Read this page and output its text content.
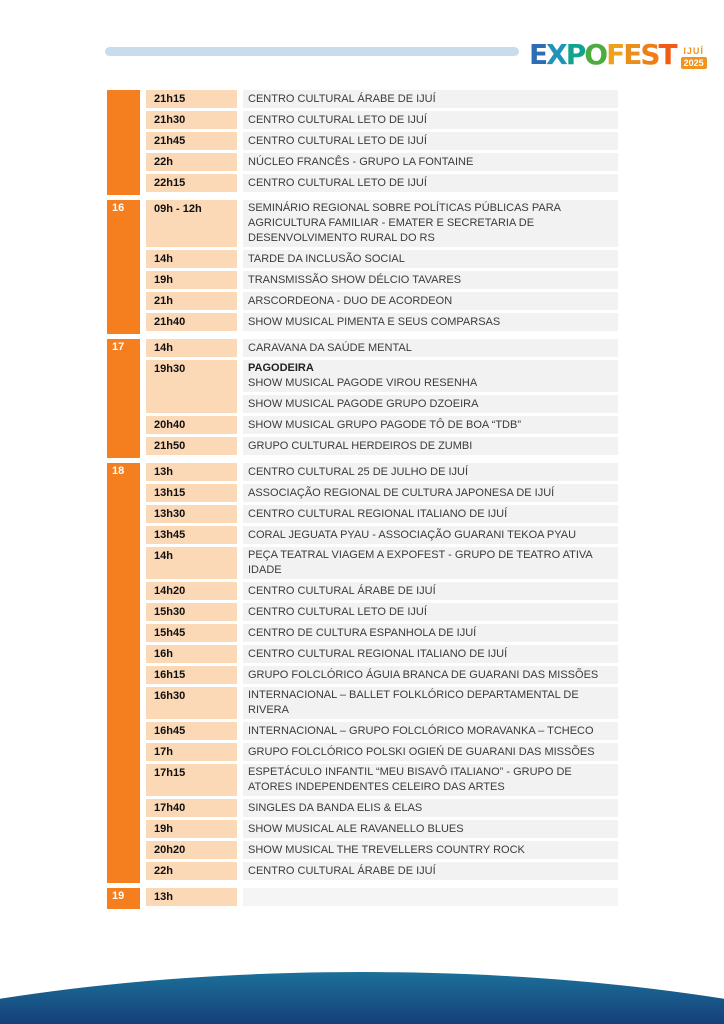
EXPOFEST IJUÍ
2025
21h15	CENTRO CULTURAL ÁRABE DE IJUÍ
21h30	CENTRO CULTURAL LETO DE IJUÍ
21h45	CENTRO CULTURAL LETO DE IJUÍ
22h	NÚCLEO FRANCÊS - GRUPO LA FONTAINE
22h15	CENTRO CULTURAL LETO DE IJUÍ
16	09h - 12h	SEMINÁRIO REGIONAL SOBRE POLÍTICAS PÚBLICAS PARA
AGRICULTURA FAMILIAR - EMATER E SECRETARIA DE
DESENVOLVIMENTO RURAL DO RS
14h	TARDE DA INCLUSÃO SOCIAL
19h	TRANSMISSÃO SHOW DÉLCIO TAVARES
21h	ARSCORDEONA - DUO DE ACORDEON
21h40	SHOW MUSICAL PIMENTA E SEUS COMPARSAS
17	14h	CARAVANA DA SAÚDE MENTAL
19h30	PAGODEIRA
SHOW MUSICAL PAGODE VIROU RESENHA
SHOW MUSICAL PAGODE GRUPO DZOEIRA
20h40	SHOW MUSICAL GRUPO PAGODE TÔ DE BOA “TDB”
21h50	GRUPO CULTURAL HERDEIROS DE ZUMBI
18	13h	CENTRO CULTURAL 25 DE JULHO DE IJUÍ
13h15	ASSOCIAÇÃO REGIONAL DE CULTURA JAPONESA DE IJUÍ
13h30	CENTRO CULTURAL REGIONAL ITALIANO DE IJUÍ
13h45	CORAL JEGUATA PYAU - ASSOCIAÇÃO GUARANI TEKOA PYAU
14h	PEÇA TEATRAL VIAGEM A EXPOFEST - GRUPO DE TEATRO ATIVA
IDADE
14h20	CENTRO CULTURAL ÁRABE DE IJUÍ
15h30	CENTRO CULTURAL LETO DE IJUÍ
15h45	CENTRO DE CULTURA ESPANHOLA DE IJUÍ
16h	CENTRO CULTURAL REGIONAL ITALIANO DE IJUÍ
16h15	GRUPO FOLCLÓRICO ÁGUIA BRANCA DE GUARANI DAS MISSÕES
16h30	INTERNACIONAL – BALLET FOLKLÓRICO DEPARTAMENTAL DE
RIVERA
16h45	INTERNACIONAL – GRUPO FOLCLÓRICO MORAVANKA – TCHECO
17h	GRUPO FOLCLÓRICO POLSKI OGIEŃ DE GUARANI DAS MISSÕES
17h15	ESPETÁCULO INFANTIL “MEU BISAVÔ ITALIANO” - GRUPO DE
ATORES INDEPENDENTES CELEIRO DAS ARTES
17h40	SINGLES DA BANDA ELIS & ELAS
19h	SHOW MUSICAL ALE RAVANELLO BLUES
20h20	SHOW MUSICAL THE TREVELLERS COUNTRY ROCK
22h	CENTRO CULTURAL ÁRABE DE IJUÍ
19	13h
